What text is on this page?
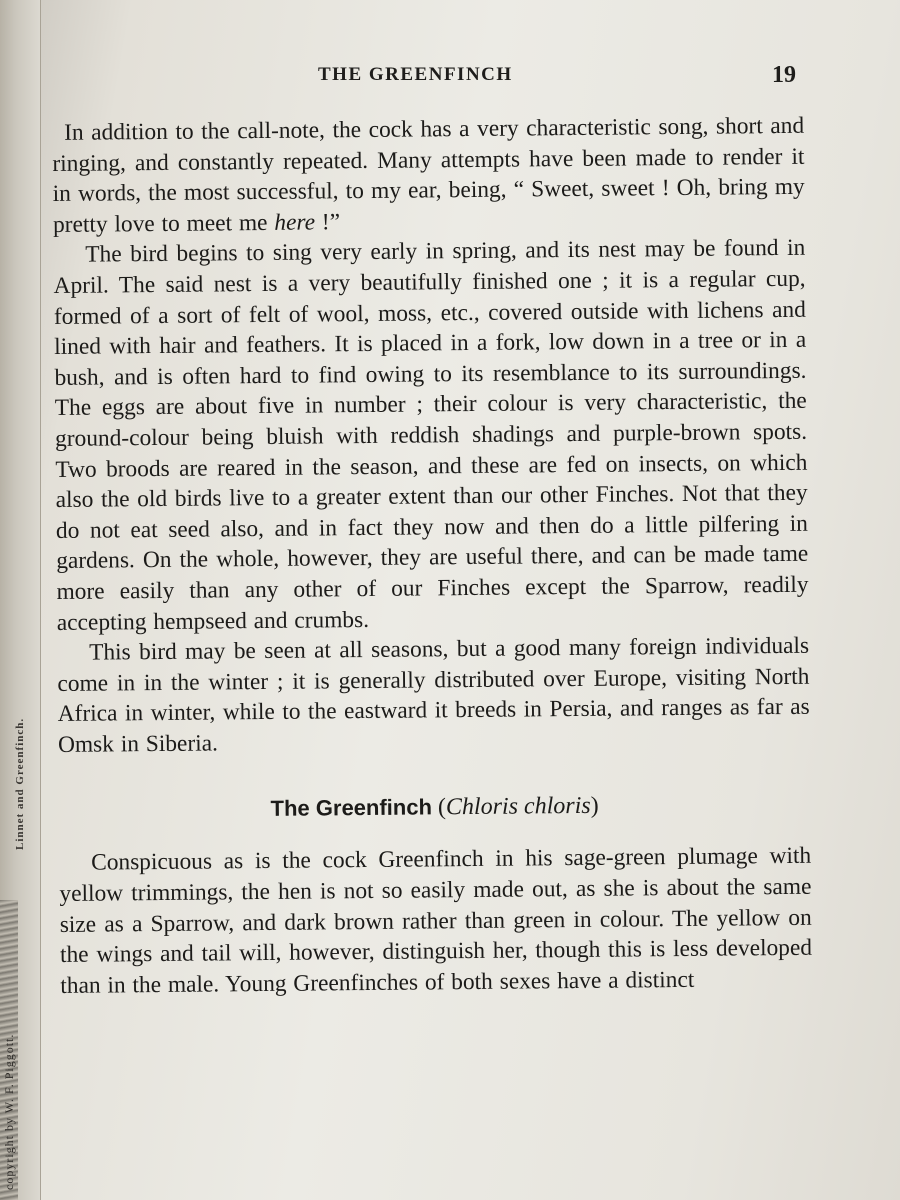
Linnet and Greenfinch.
copyright by W. F. Piggott.
THE GREENFINCH	19

In addition to the call-note, the cock has a very characteristic song, short and ringing, and constantly repeated. Many attempts have been made to render it in words, the most successful, to my ear, being, “ Sweet, sweet ! Oh, bring my pretty love to meet me here !”

The bird begins to sing very early in spring, and its nest may be found in April. The said nest is a very beautifully finished one ; it is a regular cup, formed of a sort of felt of wool, moss, etc., covered outside with lichens and lined with hair and feathers. It is placed in a fork, low down in a tree or in a bush, and is often hard to find owing to its resemblance to its surroundings. The eggs are about five in number ; their colour is very characteristic, the ground-colour being bluish with reddish shadings and purple-brown spots. Two broods are reared in the season, and these are fed on insects, on which also the old birds live to a greater extent than our other Finches. Not that they do not eat seed also, and in fact they now and then do a little pilfering in gardens. On the whole, however, they are useful there, and can be made tame more easily than any other of our Finches except the Sparrow, readily accepting hempseed and crumbs.

This bird may be seen at all seasons, but a good many foreign individuals come in in the winter ; it is generally distributed over Europe, visiting North Africa in winter, while to the eastward it breeds in Persia, and ranges as far as Omsk in Siberia.

The Greenfinch (Chloris chloris)

Conspicuous as is the cock Greenfinch in his sage-green plumage with yellow trimmings, the hen is not so easily made out, as she is about the same size as a Sparrow, and dark brown rather than green in colour. The yellow on the wings and tail will, however, distinguish her, though this is less developed than in the male. Young Greenfinches of both sexes have a distinct
